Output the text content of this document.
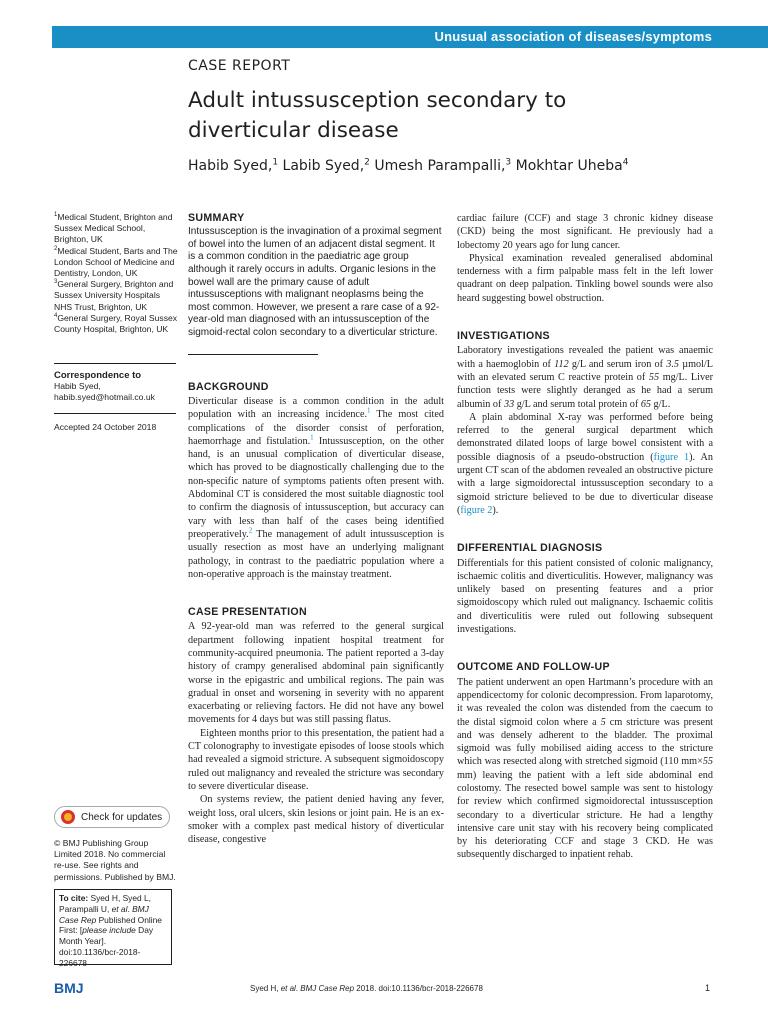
Unusual association of diseases/symptoms
CASE REPORT
Adult intussusception secondary to diverticular disease
Habib Syed,$^1$ Labib Syed,$^2$ Umesh Parampalli,$^3$ Mokhtar Uheba$^4$
$^1$Medical Student, Brighton and Sussex Medical School, Brighton, UK
$^2$Medical Student, Barts and The London School of Medicine and Dentistry, London, UK
$^3$General Surgery, Brighton and Sussex University Hospitals NHS Trust, Brighton, UK
$^4$General Surgery, Royal Sussex County Hospital, Brighton, UK
Correspondence to
Habib Syed,
habib.syed@hotmail.co.uk
Accepted 24 October 2018
Check for updates
© BMJ Publishing Group Limited 2018. No commercial re-use. See rights and permissions. Published by BMJ.
To cite: Syed H, Syed L, Parampalli U, et al. BMJ Case Rep Published Online First: [please include Day Month Year]. doi:10.1136/bcr-2018-226678
SUMMARY

Intussusception is the invagination of a proximal segment of bowel into the lumen of an adjacent distal segment. It is a common condition in the paediatric age group although it rarely occurs in adults. Organic lesions in the bowel wall are the primary cause of adult intussusceptions with malignant neoplasms being the most common. However, we present a rare case of a 92-year-old man diagnosed with an intussusception of the sigmoid-rectal colon secondary to a diverticular stricture.

BACKGROUND

Diverticular disease is a common condition in the adult population with an increasing incidence.$^1$ The most cited complications of the disorder consist of perforation, haemorrhage and fistulation.$^1$ Intussusception, on the other hand, is an unusual complication of diverticular disease, which has proved to be diagnostically challenging due to the non-specific nature of symptoms patients often present with. Abdominal CT is considered the most suitable diagnostic tool to confirm the diagnosis of intussusception, but accuracy can vary with less than half of the cases being identified preoperatively.$^2$ The management of adult intussusception is usually resection as most have an underlying malignant pathology, in contrast to the paediatric population where a non-operative approach is the mainstay treatment.

CASE PRESENTATION

A 92-year-old man was referred to the general surgical department following inpatient hospital treatment for community-acquired pneumonia. The patient reported a 3-day history of crampy generalised abdominal pain significantly worse in the epigastric and umbilical regions. The pain was gradual in onset and worsening in severity with no apparent exacerbating or relieving factors. He did not have any bowel movements for 4 days but was still passing flatus.

Eighteen months prior to this presentation, the patient had a CT colonography to investigate episodes of loose stools which had revealed a sigmoid stricture. A subsequent sigmoidoscopy ruled out malignancy and revealed the stricture was secondary to severe diverticular disease.

On systems review, the patient denied having any fever, weight loss, oral ulcers, skin lesions or joint pain. He is an ex-smoker with a complex past medical history of diverticular disease, congestive

cardiac failure (CCF) and stage 3 chronic kidney disease (CKD) being the most significant. He previously had a lobectomy 20 years ago for lung cancer.

Physical examination revealed generalised abdominal tenderness with a firm palpable mass felt in the left lower quadrant on deep palpation. Tinkling bowel sounds were also heard suggesting bowel obstruction.

INVESTIGATIONS

Laboratory investigations revealed the patient was anaemic with a haemoglobin of 112 g/L and serum iron of 3.5 µmol/L with an elevated serum C reactive protein of 55 mg/L. Liver function tests were slightly deranged as he had a serum albumin of 33 g/L and serum total protein of 65 g/L.

A plain abdominal X-ray was performed before being referred to the general surgical department which demonstrated dilated loops of large bowel consistent with a possible diagnosis of a pseudo-obstruction (figure 1). An urgent CT scan of the abdomen revealed an obstructive picture with a large sigmoidorectal intussusception secondary to a sigmoid stricture believed to be due to diverticular disease (figure 2).

DIFFERENTIAL DIAGNOSIS

Differentials for this patient consisted of colonic malignancy, ischaemic colitis and diverticulitis. However, malignancy was unlikely based on presenting features and a prior sigmoidoscopy which ruled out malignancy. Ischaemic colitis and diverticulitis were ruled out following subsequent investigations.

OUTCOME AND FOLLOW-UP

The patient underwent an open Hartmann’s procedure with an appendicectomy for colonic decompression. From laparotomy, it was revealed the colon was distended from the caecum to the distal sigmoid colon where a 5 cm stricture was present and was densely adherent to the bladder. The proximal sigmoid was fully mobilised aiding access to the stricture which was resected along with stretched sigmoid (110 mm×55 mm) leaving the patient with a left side abdominal end colostomy. The resected bowel sample was sent to histology for review which confirmed sigmoidorectal intussusception secondary to a diverticular stricture. He had a lengthy intensive care unit stay with his recovery being complicated by his deteriorating CCF and stage 3 CKD. He was subsequently discharged to inpatient rehab.

BMJ	Syed H, et al. BMJ Case Rep 2018. doi:10.1136/bcr-2018-226678	1
